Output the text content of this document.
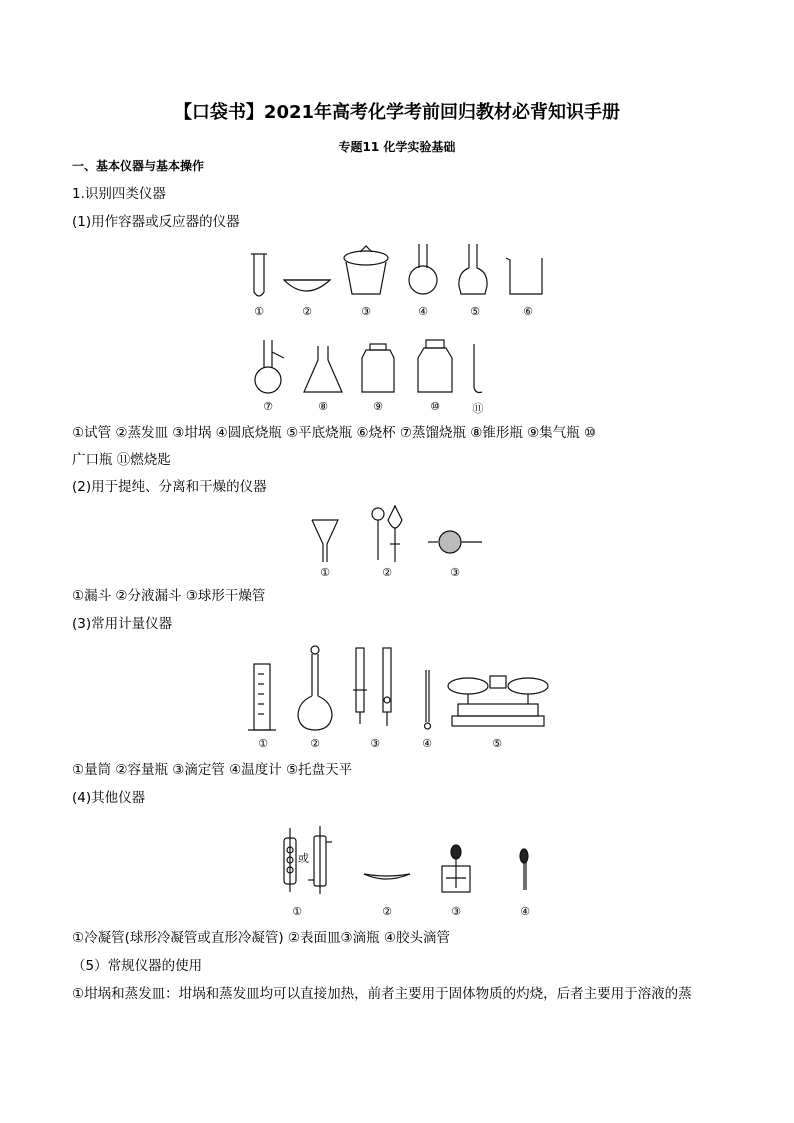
【口袋书】2021年高考化学考前回归教材必背知识手册
专题11 化学实验基础
一、基本仪器与基本操作
1.识别四类仪器
(1)用作容器或反应器的仪器
①	②	③	④	⑤	⑥
⑦	⑧	⑨	⑩	⑪
①试管 ②蒸发皿 ③坩埚 ④圆底烧瓶 ⑤平底烧瓶 ⑥烧杯 ⑦蒸馏烧瓶 ⑧锥形瓶 ⑨集气瓶 ⑩
广口瓶 ⑪燃烧匙
(2)用于提纯、分离和干燥的仪器
①	②	③
①漏斗 ②分液漏斗 ③球形干燥管
(3)常用计量仪器
①	②	③	④	⑤
①量筒 ②容量瓶 ③滴定管 ④温度计 ⑤托盘天平
(4)其他仪器
或
①	②	③	④
①冷凝管(球形冷凝管或直形冷凝管) ②表面皿③滴瓶 ④胶头滴管
（5）常规仪器的使用
①坩埚和蒸发皿：坩埚和蒸发皿均可以直接加热，前者主要用于固体物质的灼烧，后者主要用于溶液的蒸
